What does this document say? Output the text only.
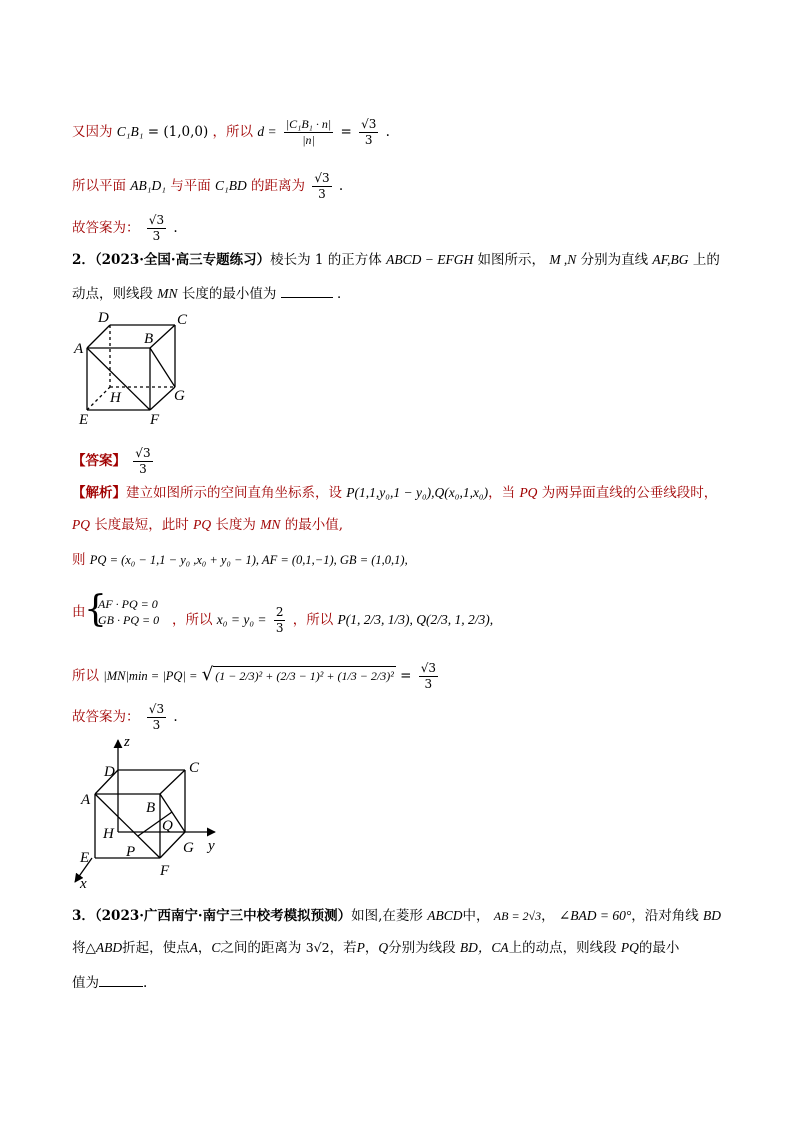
又因为 C₁B₁ = (1,0,0) ，所以 $d = \frac{\text{|C₁B₁ · n|}}{|n|} = \frac{√3}{3}$ .
所以平面 AB₁D₁ 与平面 C₁BD 的距离为 $\frac{√3}{3}$ .
故答案为： $\frac{√3}{3}$ .
2．（2023·全国·高三专题练习）棱长为 1 的正方体 ABCD − EFGH 如图所示， M ,N 分别为直线 AF,BG 上的
动点，则线段 MN 长度的最小值为	．
D	C
A
B
H	G
E	F
【答案】 $\frac{√3}{3}$
【解析】建立如图所示的空间直角坐标系，设 P(1,1,y₀,1 − y₀),Q(x₀,1,x₀)，当 PQ 为两异面直线的公垂线段时，
PQ 长度最短，此时 PQ 长度为 MN 的最小值,
则 PQ = (x₀ − 1,1 − y₀ ,x₀ + y₀ − 1), AF = (0,1,−1), GB = (1,0,1),
由
{
AF · PQ = 0
GB · PQ = 0 ，所以 $x_0 = y_0 = \frac{2}{3}$ ，所以 P(1, 2/3, 1/3), Q(2/3, 1, 2/3),
所以 |MN|min = |PQ| = √ $(1 - 2/3)^2 + (2/3 - 1)^2 + (1/3 - 2/3)^2 = \frac{√3}{3}$
故答案为： $\frac{√3}{3}$ .
z
D	C
A	B
Q
H
P	G y
E
F
x
3．（2023·广西南宁·南宁三中校考模拟预测）如图,在菱形 ABCD中， AB = 2√3， ∠BAD = 60°，沿对角线 BD
将△ABD折起，使点A，C之间的距离为 3√2，若P，Q分别为线段 BD，CA上的动点，则线段 PQ的最小
值为	.
